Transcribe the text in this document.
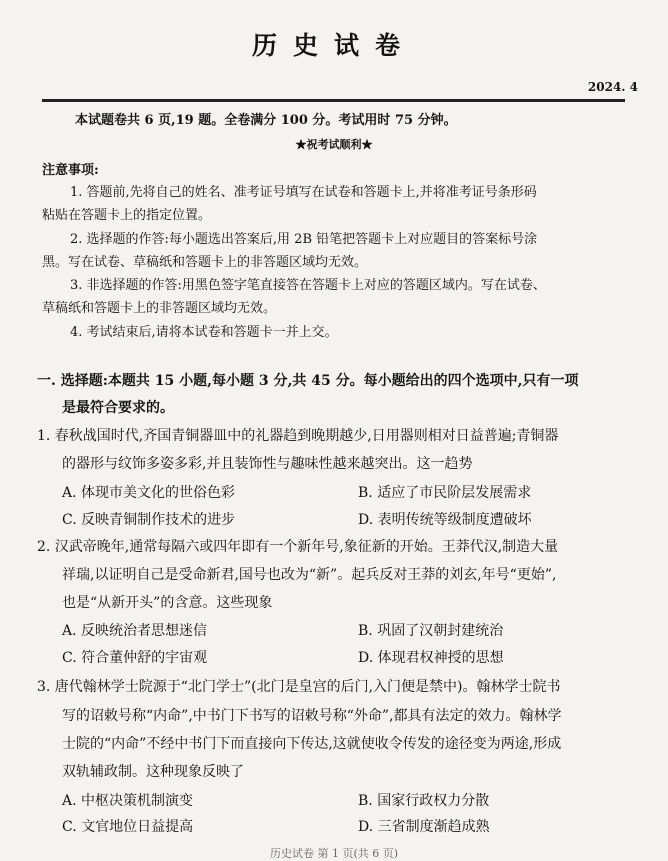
历史试卷
2024. 4
本试题卷共 6 页,19 题。全卷满分 100 分。考试用时 75 分钟。
★祝考试顺利★
注意事项:
1. 答题前,先将自己的姓名、准考证号填写在试卷和答题卡上,并将准考证号条形码
粘贴在答题卡上的指定位置。
2. 选择题的作答:每小题选出答案后,用 2B 铅笔把答题卡上对应题目的答案标号涂
黑。写在试卷、草稿纸和答题卡上的非答题区域均无效。
3. 非选择题的作答:用黑色签字笔直接答在答题卡上对应的答题区域内。写在试卷、
草稿纸和答题卡上的非答题区域均无效。
4. 考试结束后,请将本试卷和答题卡一并上交。
一. 选择题:本题共 15 小题,每小题 3 分,共 45 分。每小题给出的四个选项中,只有一项
是最符合要求的。
1. 春秋战国时代,齐国青铜器皿中的礼器趋到晚期越少,日用器则相对日益普遍;青铜器
的器形与纹饰多姿多彩,并且装饰性与趣味性越来越突出。这一趋势
A. 体现市美文化的世俗色彩	B. 适应了市民阶层发展需求
C. 反映青铜制作技术的进步	D. 表明传统等级制度遭破坏
2. 汉武帝晚年,通常每隔六或四年即有一个新年号,象征新的开始。王莽代汉,制造大量
祥瑞,以证明自己是受命新君,国号也改为“新”。起兵反对王莽的刘玄,年号“更始”,
也是“从新开头”的含意。这些现象
A. 反映统治者思想迷信	B. 巩固了汉朝封建统治
C. 符合董仲舒的宇宙观	D. 体现君权神授的思想
3. 唐代翰林学士院源于“北门学士”(北门是皇宫的后门,入门便是禁中)。翰林学士院书
写的诏敕号称“内命”,中书门下书写的诏敕号称“外命”,都具有法定的效力。翰林学
士院的“内命”不经中书门下而直接向下传达,这就使收令传发的途径变为两途,形成
双轨辅政制。这种现象反映了
A. 中枢决策机制演变	B. 国家行政权力分散
C. 文官地位日益提高	D. 三省制度渐趋成熟
历史试卷 第 1 页(共 6 页)
